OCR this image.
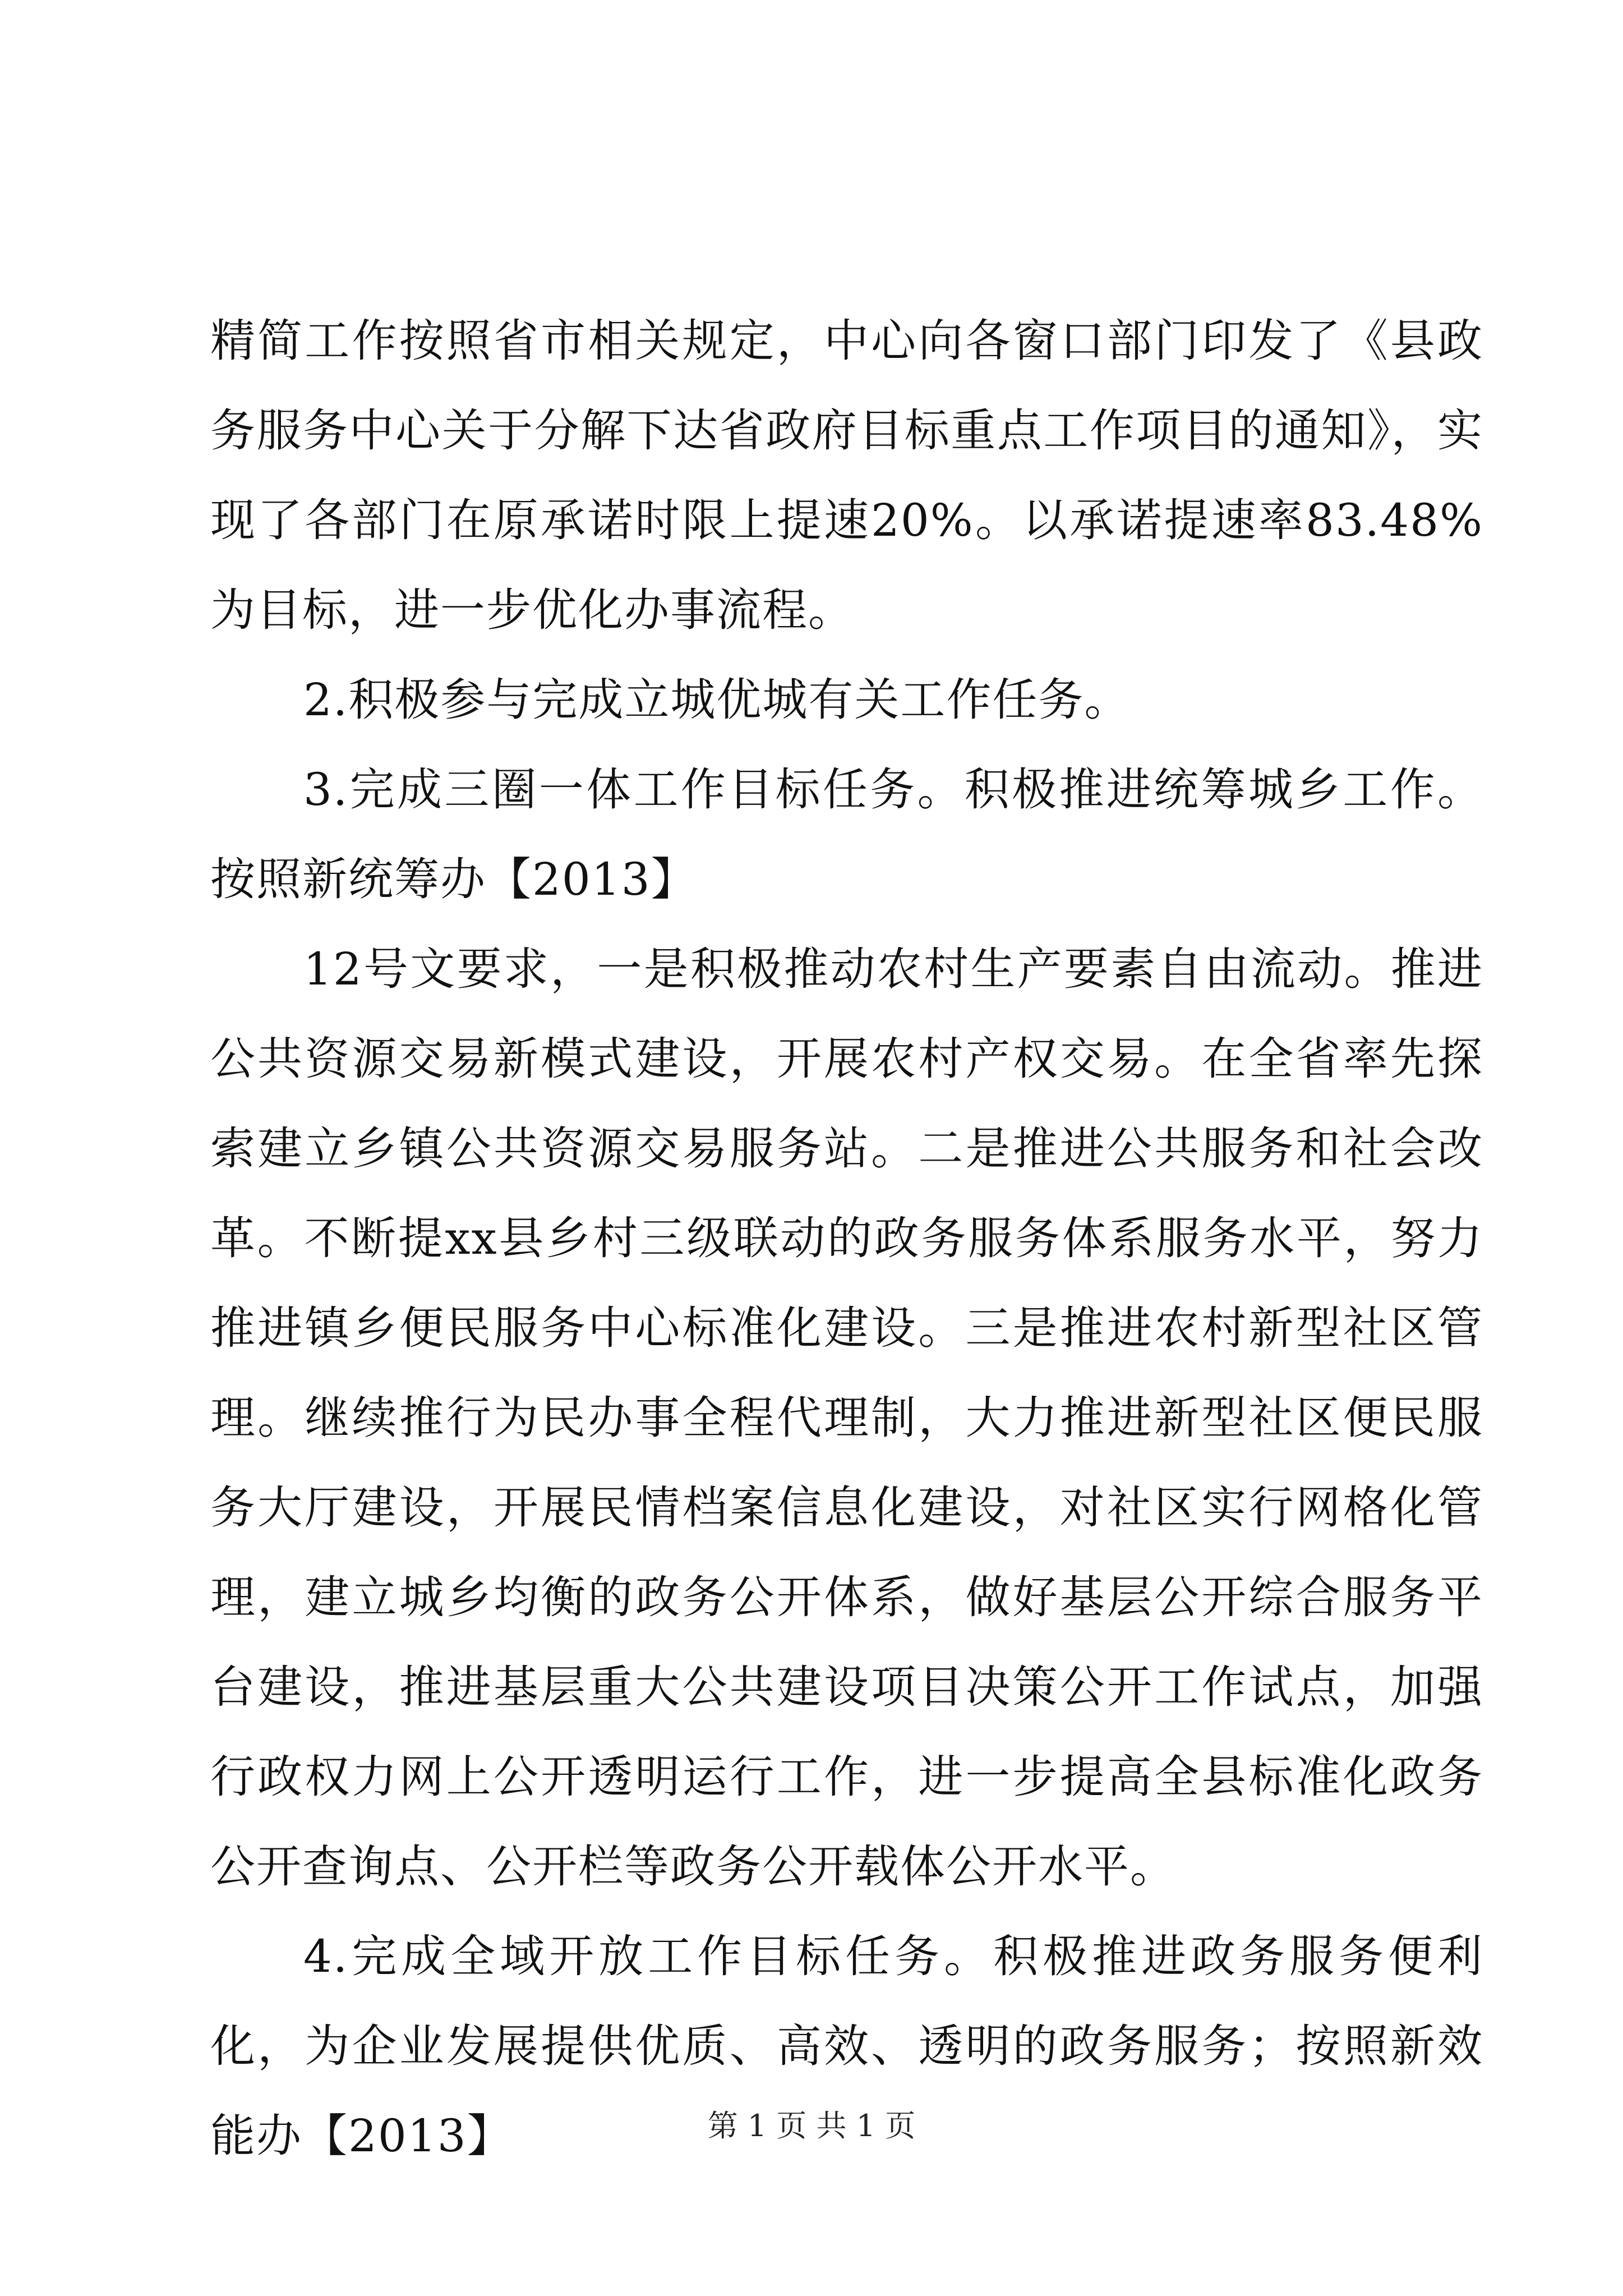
精简工作按照省市相关规定，中心向各窗口部门印发了《县政务服务中心关于分解下达省政府目标重点工作项目的通知》，实现了各部门在原承诺时限上提速20%。以承诺提速率83.48%为目标，进一步优化办事流程。

2.积极参与完成立城优城有关工作任务。

3.完成三圈一体工作目标任务。积极推进统筹城乡工作。按照新统筹办【2013】

12号文要求，一是积极推动农村生产要素自由流动。推进公共资源交易新模式建设，开展农村产权交易。在全省率先探索建立乡镇公共资源交易服务站。二是推进公共服务和社会改革。不断提xx县乡村三级联动的政务服务体系服务水平，努力推进镇乡便民服务中心标准化建设。三是推进农村新型社区管理。继续推行为民办事全程代理制，大力推进新型社区便民服务大厅建设，开展民情档案信息化建设，对社区实行网格化管理，建立城乡均衡的政务公开体系，做好基层公开综合服务平台建设，推进基层重大公共建设项目决策公开工作试点，加强行政权力网上公开透明运行工作，进一步提高全县标准化政务公开查询点、公开栏等政务公开载体公开水平。

4.完成全域开放工作目标任务。积极推进政务服务便利化，为企业发展提供优质、高效、透明的政务服务；按照新效能办【2013】	第 1 页 共 1 页
